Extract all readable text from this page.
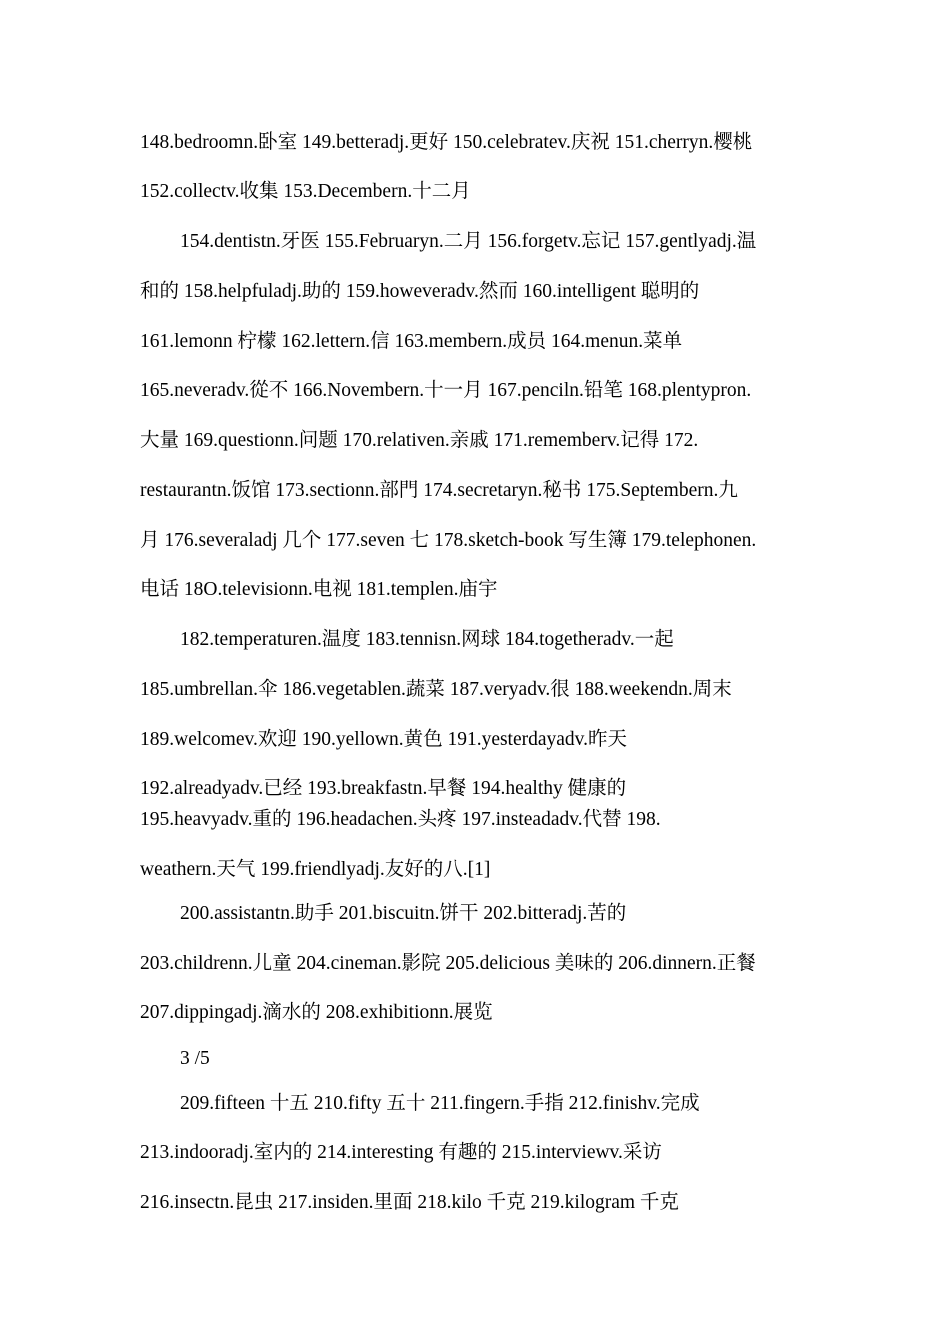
148.bedroomn.卧室 149.betteradj.更好 150.celebratev.庆祝 151.cherryn.樱桃
152.collectv.收集 153.Decembern.十二月
154.dentistn.牙医 155.Februaryn.二月 156.forgetv.忘记 157.gentlyadj.温
和的 158.helpfuladj.助的 159.howeveradv.然而 160.intelligent 聪明的
161.lemonn 柠檬 162.lettern.信 163.membern.成员 164.menun.菜单
165.neveradv.從不 166.Novembern.十一月 167.penciln.铅笔 168.plentypron.
大量 169.questionn.问题 170.relativen.亲戚 171.rememberv.记得 172.
restaurantn.饭馆 173.sectionn.部門 174.secretaryn.秘书 175.Septembern.九
月 176.severaladj 几个 177.seven 七 178.sketch-book 写生簿 179.telephonen.
电话 18O.televisionn.电视 181.templen.庙宇
182.temperaturen.温度 183.tennisn.网球 184.togetheradv.一起
185.umbrellan.伞 186.vegetablen.蔬菜 187.veryadv.很 188.weekendn.周末
189.welcomev.欢迎 190.yellown.黄色 191.yesterdayadv.昨天
192.alreadyadv.已经 193.breakfastn.早餐 194.healthy 健康的
195.heavyadv.重的 196.headachen.头疼 197.insteadadv.代替 198.
weathern.天气 199.friendlyadj.友好的八.[1]
200.assistantn.助手 201.biscuitn.饼干 202.bitteradj.苦的
203.childrenn.儿童 204.cineman.影院 205.delicious 美味的 206.dinnern.正餐
207.dippingadj.滴水的 208.exhibitionn.展览
3 /5
209.fifteen 十五 210.fifty 五十 211.fingern.手指 212.finishv.完成
213.indooradj.室内的 214.interesting 有趣的 215.interviewv.采访
216.insectn.昆虫 217.insiden.里面 218.kilo 千克 219.kilogram 千克
